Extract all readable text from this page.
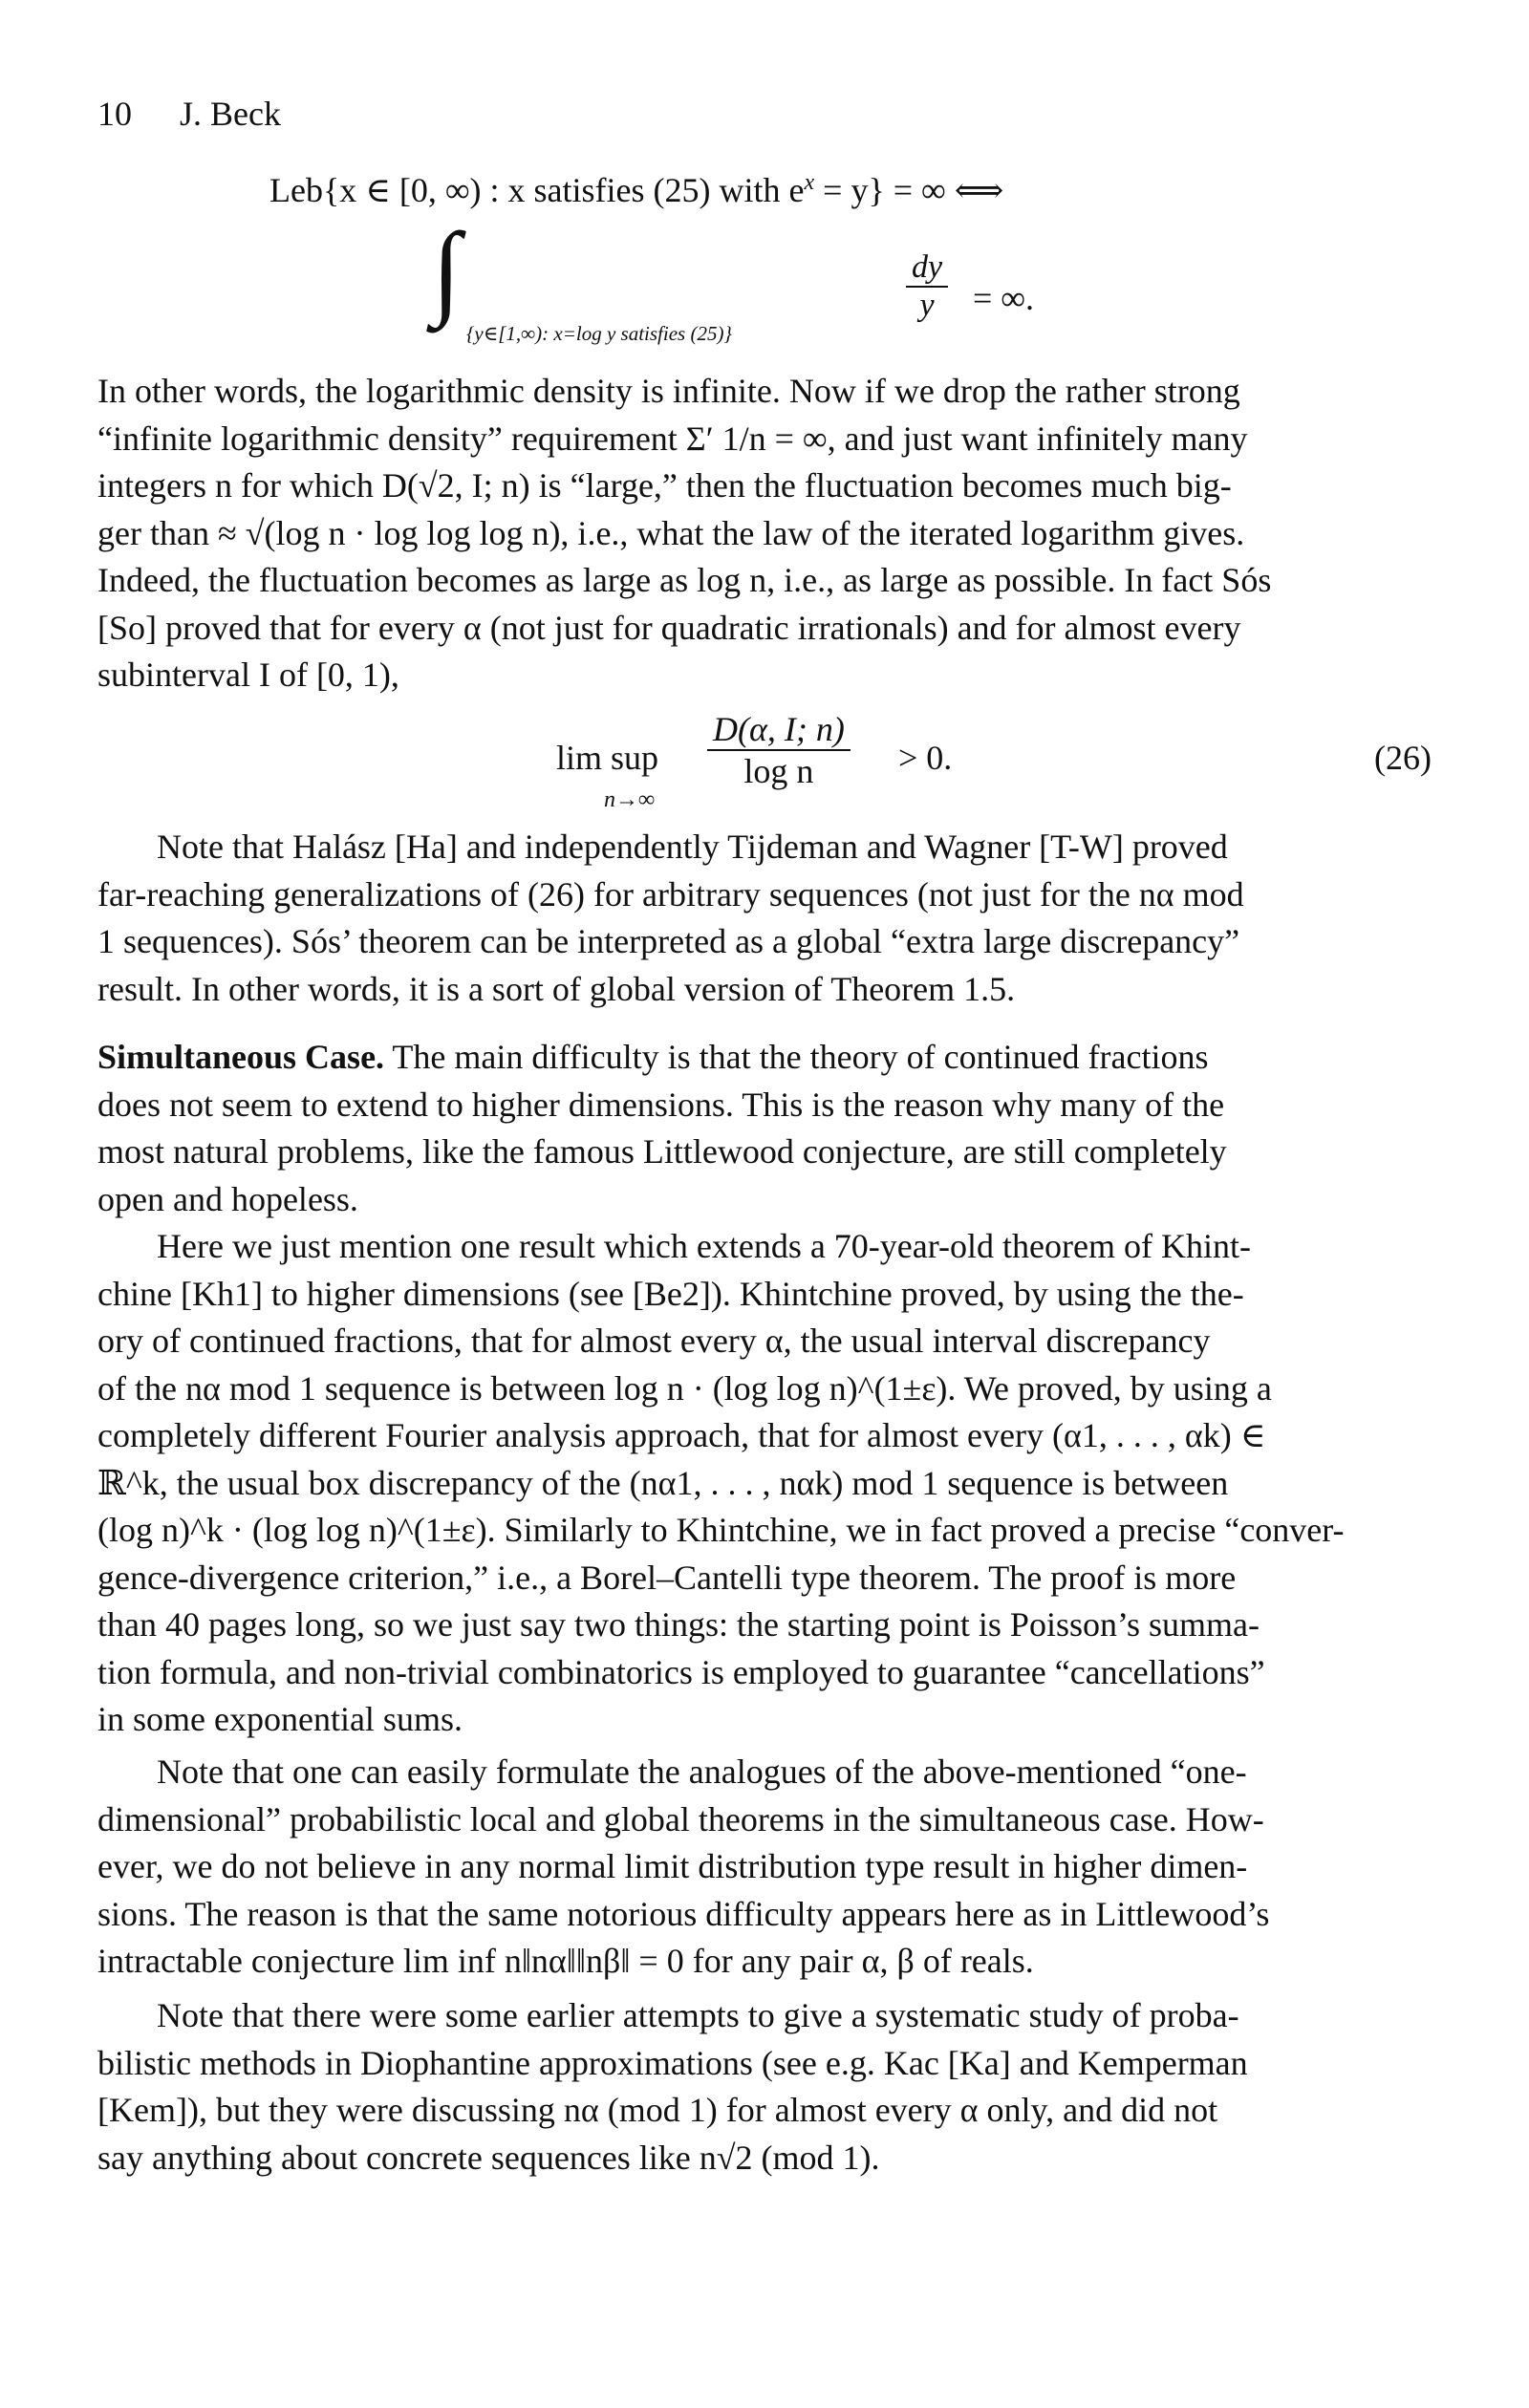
10 J. Beck
Leb{x ∈ [0, ∞) : x satisfies (25) with $e^x = y$} = ∞ ⟺
∫
{y∈[1,∞): x=log y satisfies (25)}
$\frac{dy}{y}$ = ∞.
In other words, the logarithmic density is infinite. Now if we drop the rather strong
“infinite logarithmic density” requirement Σ′ 1/n = ∞, and just want infinitely many
integers n for which D(√2, I; n) is “large,” then the fluctuation becomes much big-
ger than ≈ √(log n · log log log n), i.e., what the law of the iterated logarithm gives.
Indeed, the fluctuation becomes as large as log n, i.e., as large as possible. In fact Sós
[So] proved that for every α (not just for quadratic irrationals) and for almost every
subinterval I of [0, 1),
lim sup
n→∞
$\frac{D(\alpha, I; n)}{\text{log n}} > 0$.	(26)
Note that Halász [Ha] and independently Tijdeman and Wagner [T-W] proved
far-reaching generalizations of (26) for arbitrary sequences (not just for the nα mod
1 sequences). Sós’ theorem can be interpreted as a global “extra large discrepancy”
result. In other words, it is a sort of global version of Theorem 1.5.
Simultaneous Case. The main difficulty is that the theory of continued fractions
does not seem to extend to higher dimensions. This is the reason why many of the
most natural problems, like the famous Littlewood conjecture, are still completely
open and hopeless.
Here we just mention one result which extends a 70-year-old theorem of Khint-
chine [Kh1] to higher dimensions (see [Be2]). Khintchine proved, by using the the-
ory of continued fractions, that for almost every α, the usual interval discrepancy
of the nα mod 1 sequence is between log n · (log log n)^(1±ε). We proved, by using a
completely different Fourier analysis approach, that for almost every (α1, . . . , αk) ∈
ℝ^k, the usual box discrepancy of the (nα1, . . . , nαk) mod 1 sequence is between
(log n)^k · (log log n)^(1±ε). Similarly to Khintchine, we in fact proved a precise “conver-
gence-divergence criterion,” i.e., a Borel–Cantelli type theorem. The proof is more
than 40 pages long, so we just say two things: the starting point is Poisson’s summa-
tion formula, and non-trivial combinatorics is employed to guarantee “cancellations”
in some exponential sums.
Note that one can easily formulate the analogues of the above-mentioned “one-
dimensional” probabilistic local and global theorems in the simultaneous case. How-
ever, we do not believe in any normal limit distribution type result in higher dimen-
sions. The reason is that the same notorious difficulty appears here as in Littlewood’s
intractable conjecture lim inf n‖nα‖‖nβ‖ = 0 for any pair α, β of reals.
Note that there were some earlier attempts to give a systematic study of proba-
bilistic methods in Diophantine approximations (see e.g. Kac [Ka] and Kemperman
[Kem]), but they were discussing nα (mod 1) for almost every α only, and did not
say anything about concrete sequences like n√2 (mod 1).
